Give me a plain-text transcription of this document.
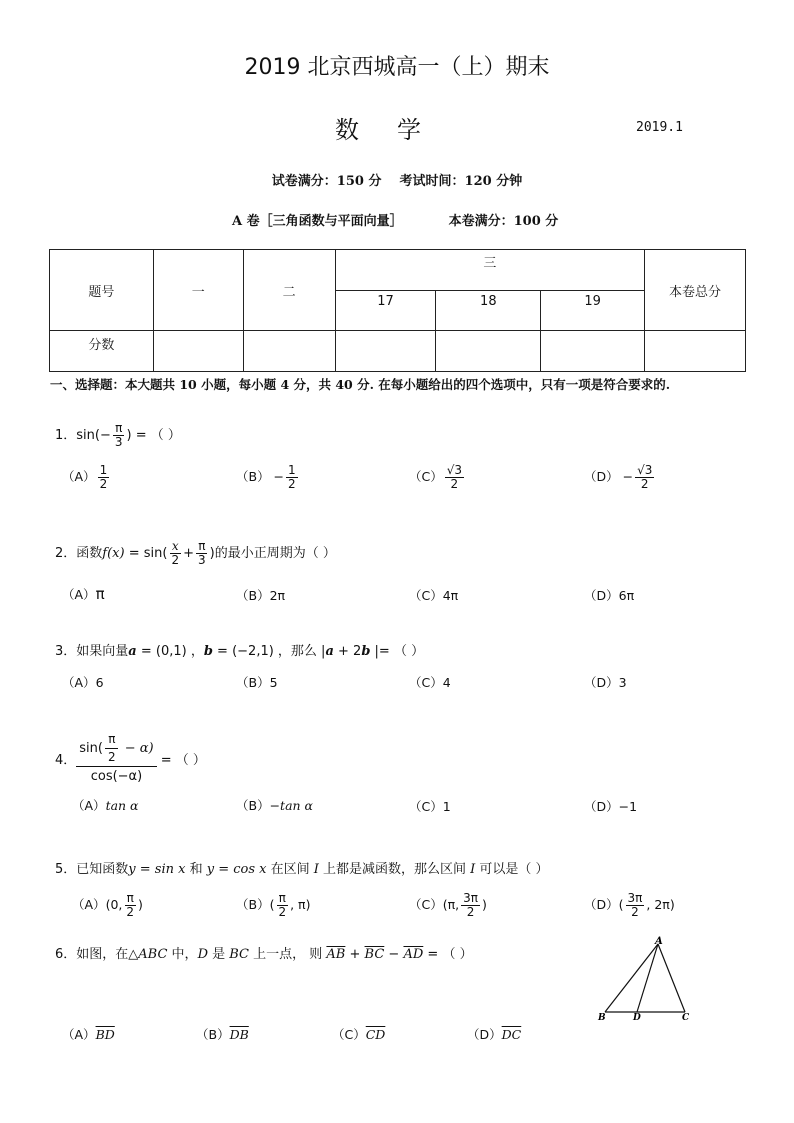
2019 北京西城高一（上）期末
数学	2019.1
试卷满分：150 分    考试时间：120 分钟
A 卷［三角函数与平面向量］	本卷满分：100 分
题号	一	二	三			本卷总分
			17	18	19	
分数						
一、选择题：本大题共 10 小题，每小题 4 分，共 40 分. 在每小题给出的四个选项中，只有一项是符合要求的.
1．$\sin(- \frac{\pi}{3}$ ) = （ ）
$(A) \frac{1}{2}$	$(B) - \frac{1}{2}$	$(C) \frac{√3}{2}$	$(D) - \frac{√3}{2}$
2．函数$f(x) = \sin( \frac{x}{2} + \frac{\pi}{3}$ )的最小正周期为（ ）
（A）π	（B）2π	（C）4π	（D）6π
3．如果向量a = (0,1) ，b = (−2,1) ，那么 |a + 2b |= （ ）
（A）6	（B）5	（C）4	（D）3
4． $\frac{\sin( \frac{\pi}{2} - \alpha)}{\cos(-\alpha)}$ = （ ）
（A）tan α	（B）−tan α	（C）1	（D）−1
5．已知函数y = sin x 和 y = cos x 在区间 I 上都是减函数，那么区间 I 可以是（ ）
（A）(0, $\frac{\pi}{2}$ )	$(B)( \frac{\pi}{2}$ , π)	（C）(π, $\frac{3\pi}{2}$ )	$(D)( \frac{3\pi}{2}$ , 2π)
6．如图，在△ABC 中，D 是 BC 上一点， 则 $\overline{AB} + \overline{BC} - \overline{AD}$ = （ ）
$(A)\overline{BD}$	$(B)\overline{DB}$	$(C)\overline{CD}$	$(D)\overline{DC}$
A
B	D	C
